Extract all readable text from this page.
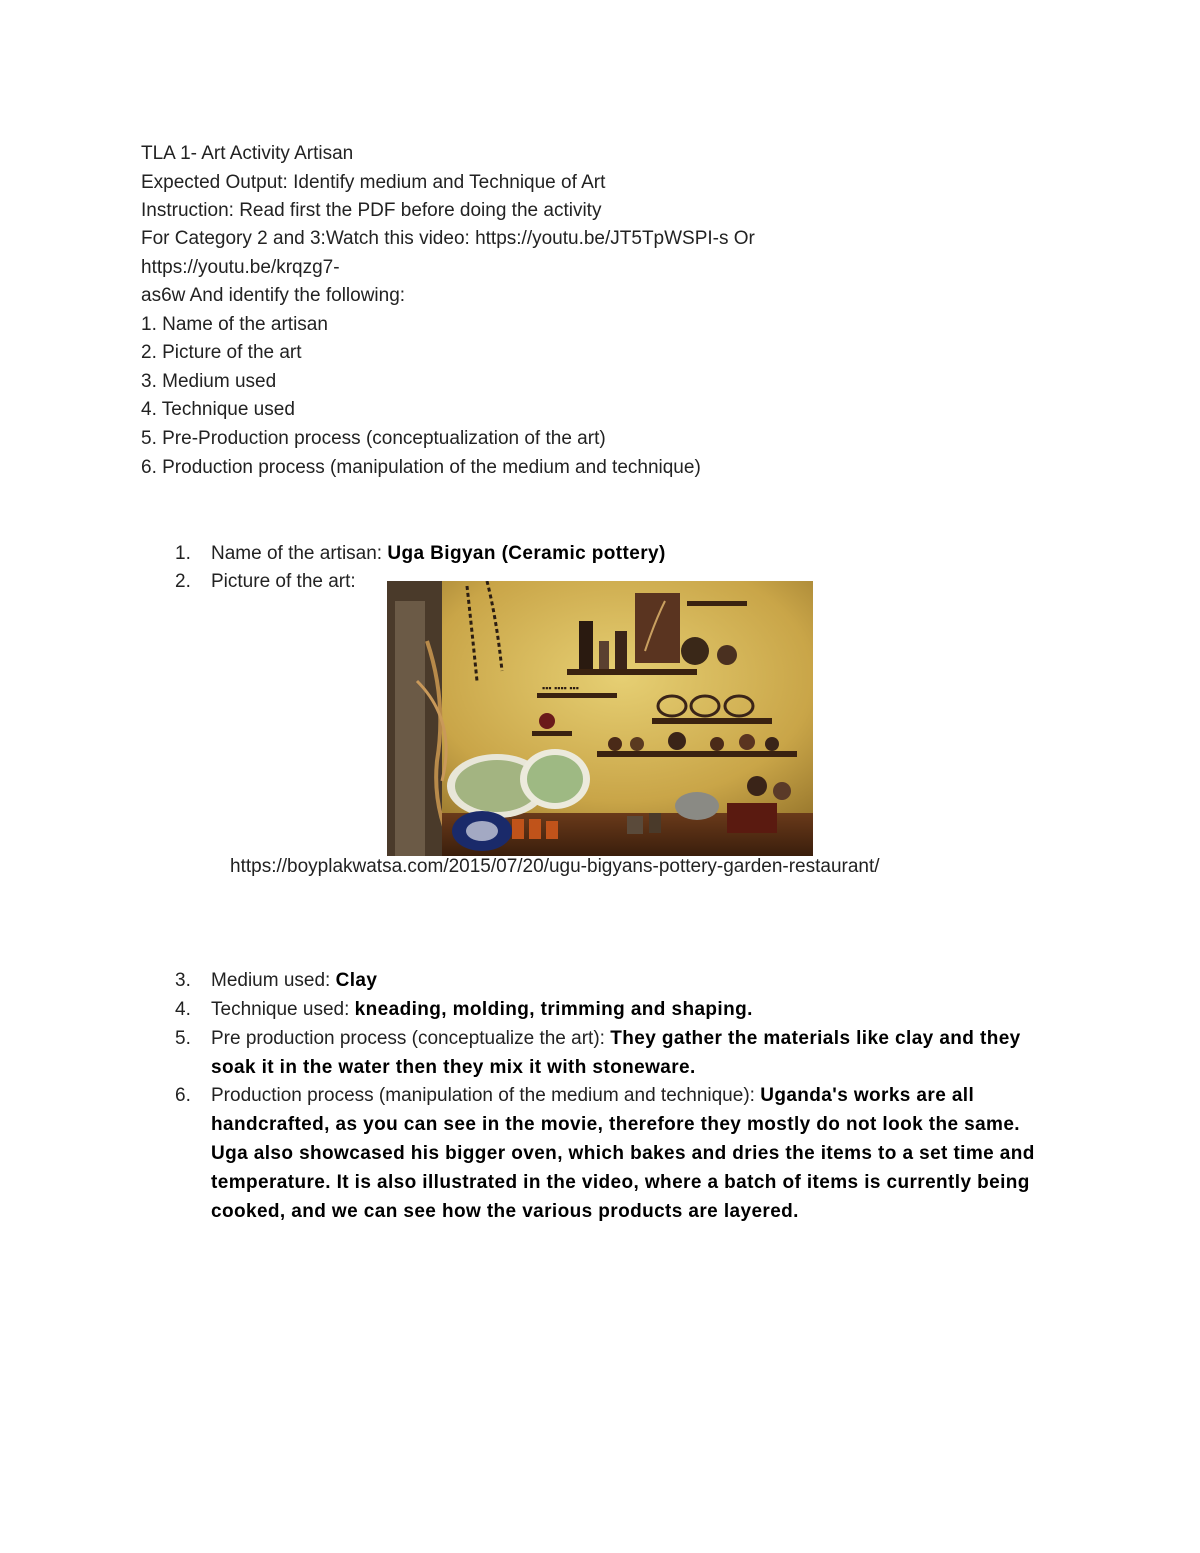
TLA 1- Art Activity Artisan
Expected Output: Identify medium and Technique of Art
Instruction: Read first the PDF before doing the activity
For Category 2 and 3:Watch this video: https://youtu.be/JT5TpWSPI-s Or
https://youtu.be/krqzg7-
as6w And identify the following:
1. Name of the artisan
2. Picture of the art
3. Medium used
4. Technique used
5. Pre-Production process (conceptualization of the art)
6. Production process (manipulation of the medium and technique)
1.	Name of the artisan: Uga Bigyan (Ceramic pottery)
2.	Picture of the art:
▪▪▪ ▪▪▪▪ ▪▪▪
https://boyplakwatsa.com/2015/07/20/ugu-bigyans-pottery-garden-restaurant/
3.	Medium used: Clay
4.	Technique used: kneading, molding, trimming and shaping.
5.	Pre production process (conceptualize the art): They gather the materials like clay and they soak it in the water then they mix it with stoneware.
6.	Production process (manipulation of the medium and technique): Uganda's works are all handcrafted, as you can see in the movie, therefore they mostly do not look the same. Uga also showcased his bigger oven, which bakes and dries the items to a set time and temperature. It is also illustrated in the video, where a batch of items is currently being cooked, and we can see how the various products are layered.
